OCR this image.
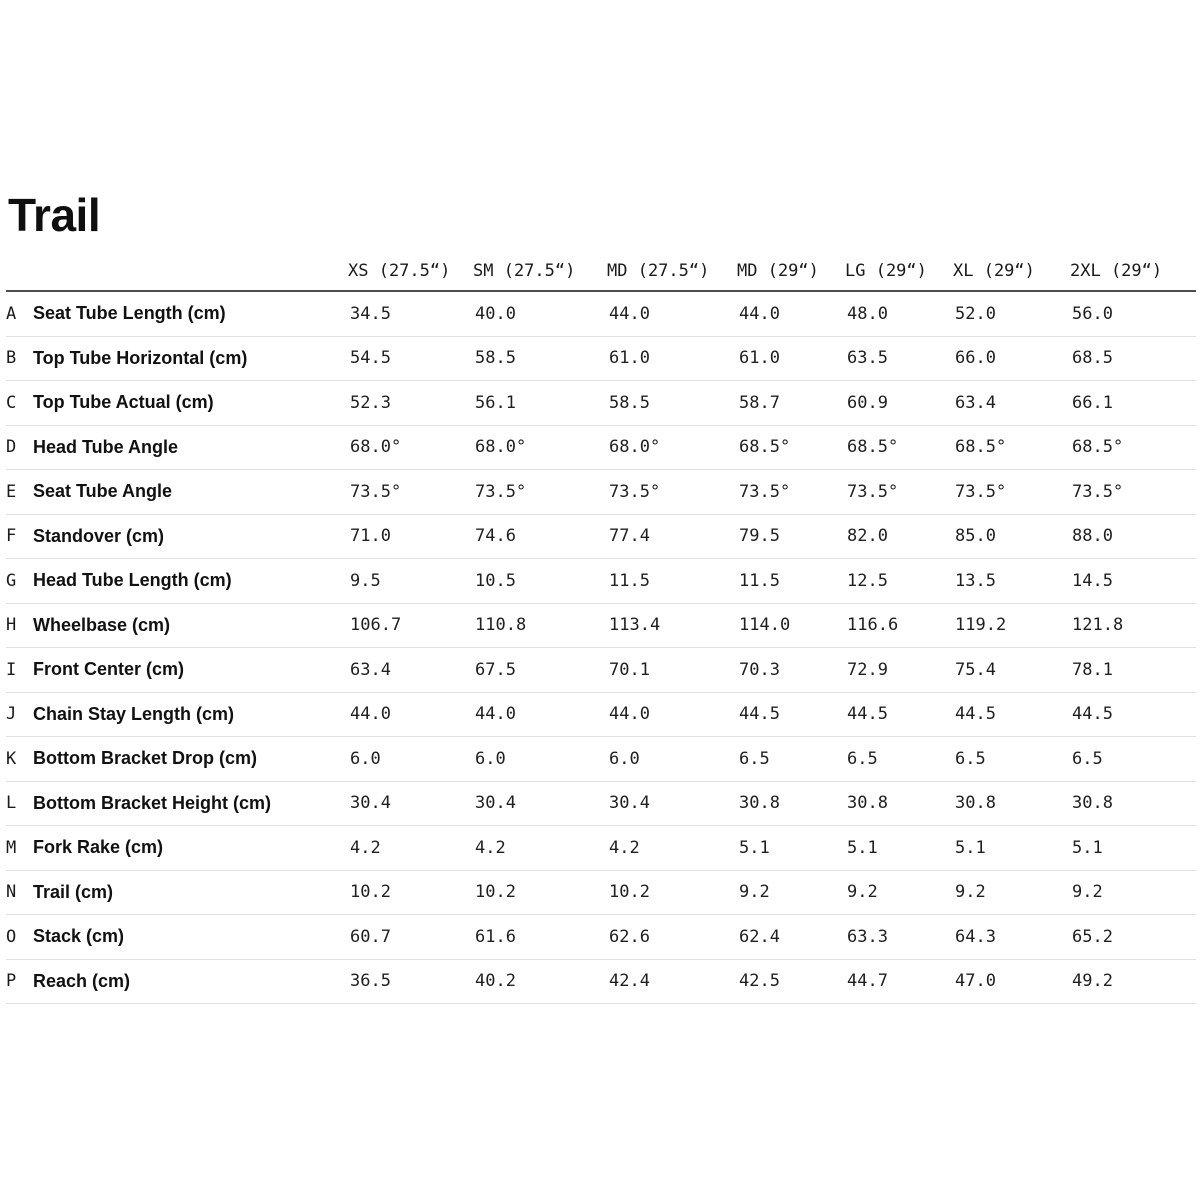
Trail
		XS (27.5“)	SM (27.5“)	MD (27.5“)	MD (29“)	LG (29“)	XL (29“)	2XL (29“)
A	Seat Tube Length (cm)	34.5	40.0	44.0	44.0	48.0	52.0	56.0
B	Top Tube Horizontal (cm)	54.5	58.5	61.0	61.0	63.5	66.0	68.5
C	Top Tube Actual (cm)	52.3	56.1	58.5	58.7	60.9	63.4	66.1
D	Head Tube Angle	68.0°	68.0°	68.0°	68.5°	68.5°	68.5°	68.5°
E	Seat Tube Angle	73.5°	73.5°	73.5°	73.5°	73.5°	73.5°	73.5°
F	Standover (cm)	71.0	74.6	77.4	79.5	82.0	85.0	88.0
G	Head Tube Length (cm)	9.5	10.5	11.5	11.5	12.5	13.5	14.5
H	Wheelbase (cm)	106.7	110.8	113.4	114.0	116.6	119.2	121.8
I	Front Center (cm)	63.4	67.5	70.1	70.3	72.9	75.4	78.1
J	Chain Stay Length (cm)	44.0	44.0	44.0	44.5	44.5	44.5	44.5
K	Bottom Bracket Drop (cm)	6.0	6.0	6.0	6.5	6.5	6.5	6.5
L	Bottom Bracket Height (cm)	30.4	30.4	30.4	30.8	30.8	30.8	30.8
M	Fork Rake (cm)	4.2	4.2	4.2	5.1	5.1	5.1	5.1
N	Trail (cm)	10.2	10.2	10.2	9.2	9.2	9.2	9.2
O	Stack (cm)	60.7	61.6	62.6	62.4	63.3	64.3	65.2
P	Reach (cm)	36.5	40.2	42.4	42.5	44.7	47.0	49.2
